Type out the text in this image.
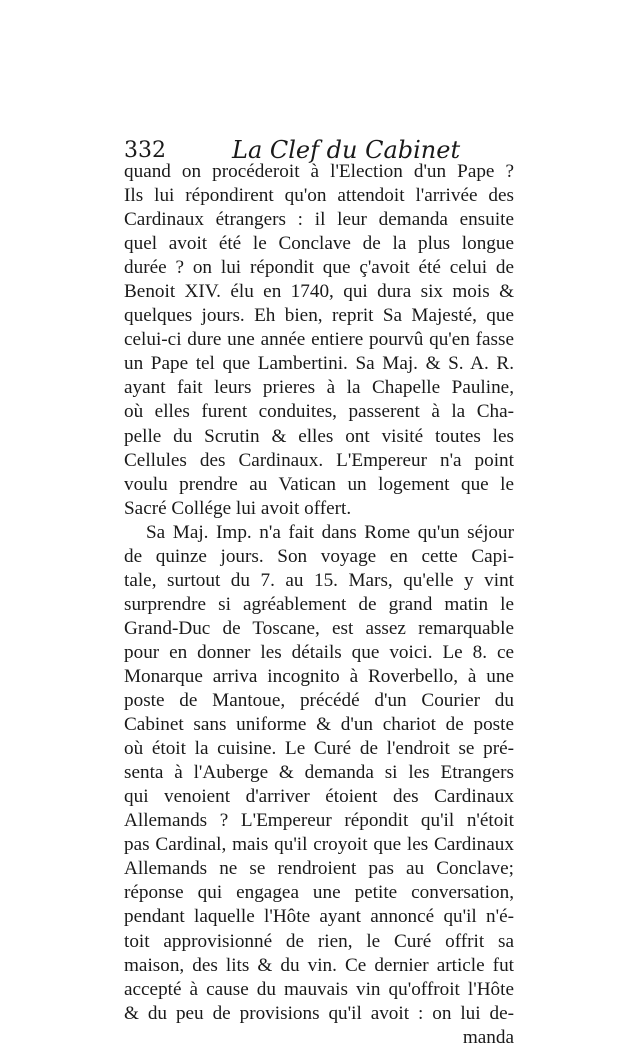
332	La Clef du Cabinet
quand on procéderoit à l'Election d'un Pape ?
Ils lui répondirent qu'on attendoit l'arrivée des
Cardinaux étrangers : il leur demanda ensuite
quel avoit été le Conclave de la plus longue
durée ? on lui répondit que ç'avoit été celui de
Benoit XIV. élu en 1740, qui dura six mois &
quelques jours. Eh bien, reprit Sa Majesté, que
celui-ci dure une année entiere pourvû qu'en fasse
un Pape tel que Lambertini. Sa Maj. & S. A. R.
ayant fait leurs prieres à la Chapelle Pauline,
où elles furent conduites, passerent à la Cha-
pelle du Scrutin & elles ont visité toutes les
Cellules des Cardinaux. L'Empereur n'a point
voulu prendre au Vatican un logement que le
Sacré Collége lui avoit offert.
Sa Maj. Imp. n'a fait dans Rome qu'un séjour
de quinze jours. Son voyage en cette Capi-
tale, surtout du 7. au 15. Mars, qu'elle y vint
surprendre si agréablement de grand matin le
Grand-Duc de Toscane, est assez remarquable
pour en donner les détails que voici. Le 8. ce
Monarque arriva incognito à Roverbello, à une
poste de Mantoue, précédé d'un Courier du
Cabinet sans uniforme & d'un chariot de poste
où étoit la cuisine. Le Curé de l'endroit se pré-
senta à l'Auberge & demanda si les Etrangers
qui venoient d'arriver étoient des Cardinaux
Allemands ? L'Empereur répondit qu'il n'étoit
pas Cardinal, mais qu'il croyoit que les Cardinaux
Allemands ne se rendroient pas au Conclave;
réponse qui engagea une petite conversation,
pendant laquelle l'Hôte ayant annoncé qu'il n'é-
toit approvisionné de rien, le Curé offrit sa
maison, des lits & du vin. Ce dernier article fut
accepté à cause du mauvais vin qu'offroit l'Hôte
& du peu de provisions qu'il avoit : on lui de-
manda
